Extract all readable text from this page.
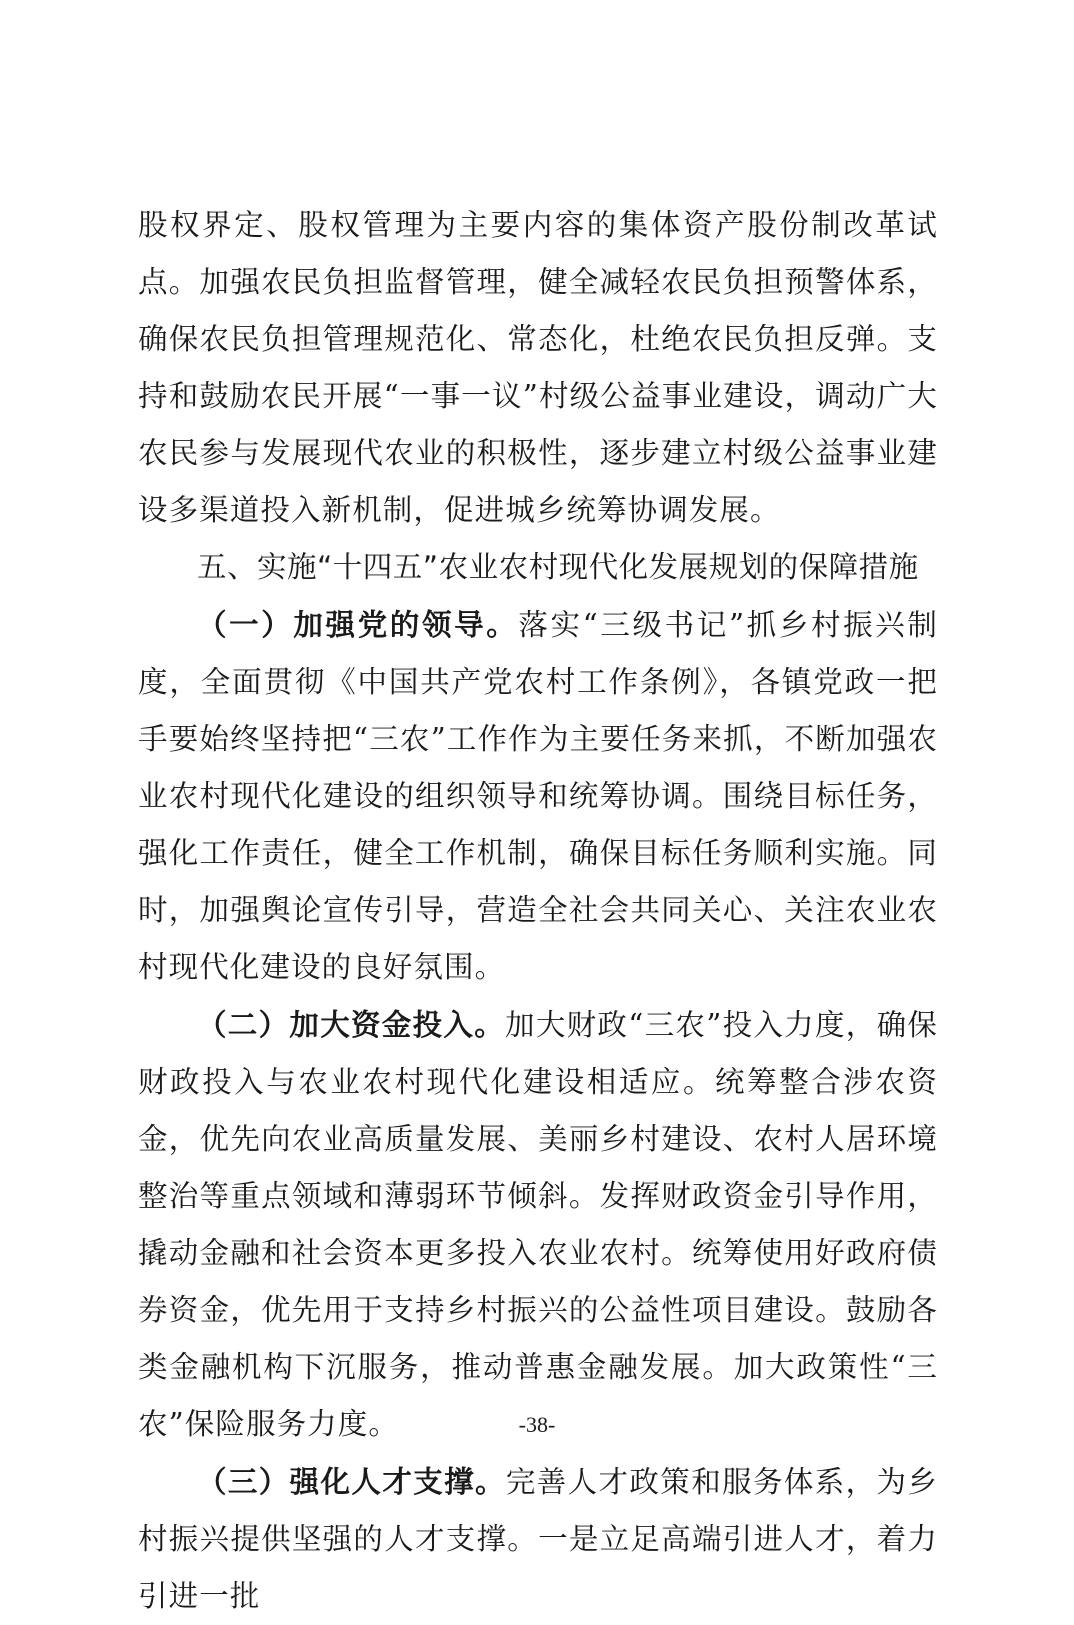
股权界定、股权管理为主要内容的集体资产股份制改革试点。加强农民负担监督管理，健全减轻农民负担预警体系，确保农民负担管理规范化、常态化，杜绝农民负担反弹。支持和鼓励农民开展“一事一议”村级公益事业建设，调动广大农民参与发展现代农业的积极性，逐步建立村级公益事业建设多渠道投入新机制，促进城乡统筹协调发展。

五、实施“十四五”农业农村现代化发展规划的保障措施

（一）加强党的领导。落实“三级书记”抓乡村振兴制度，全面贯彻《中国共产党农村工作条例》，各镇党政一把手要始终坚持把“三农”工作作为主要任务来抓，不断加强农业农村现代化建设的组织领导和统筹协调。围绕目标任务，强化工作责任，健全工作机制，确保目标任务顺利实施。同时，加强舆论宣传引导，营造全社会共同关心、关注农业农村现代化建设的良好氛围。

（二）加大资金投入。加大财政“三农”投入力度，确保财政投入与农业农村现代化建设相适应。统筹整合涉农资金，优先向农业高质量发展、美丽乡村建设、农村人居环境整治等重点领域和薄弱环节倾斜。发挥财政资金引导作用，撬动金融和社会资本更多投入农业农村。统筹使用好政府债券资金，优先用于支持乡村振兴的公益性项目建设。鼓励各类金融机构下沉服务，推动普惠金融发展。加大政策性“三农”保险服务力度。

（三）强化人才支撑。完善人才政策和服务体系，为乡村振兴提供坚强的人才支撑。一是立足高端引进人才，着力引进一批

-38-
